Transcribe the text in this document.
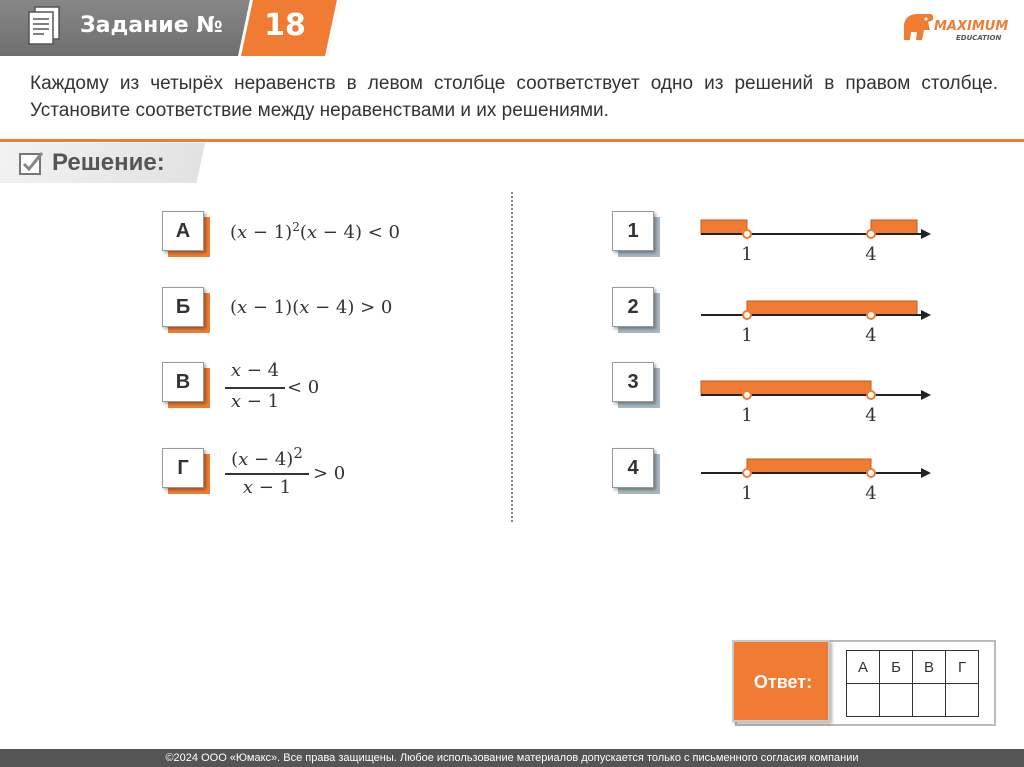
Задание №	18	MAXIMUM
EDUCATION
Каждому из четырёх неравенств в левом столбце соответствует одно из решений в правом столбце. Установите соответствие между неравенствами и их решениями.
Решение:
А	$(x - 1)^2(x - 4) < 0$
Б	(x − 1)(x − 4) > 0
В
x − 4
x − 1
< 0
Г	$(x - 4)^2$
x − 1
> 0
1
1	4
2
1	4
3
1	4
4
1	4
Ответ:
А	Б	В	Г

©2024 ООО «Юмакс». Все права защищены. Любое использование материалов допускается только с письменного согласия компании
